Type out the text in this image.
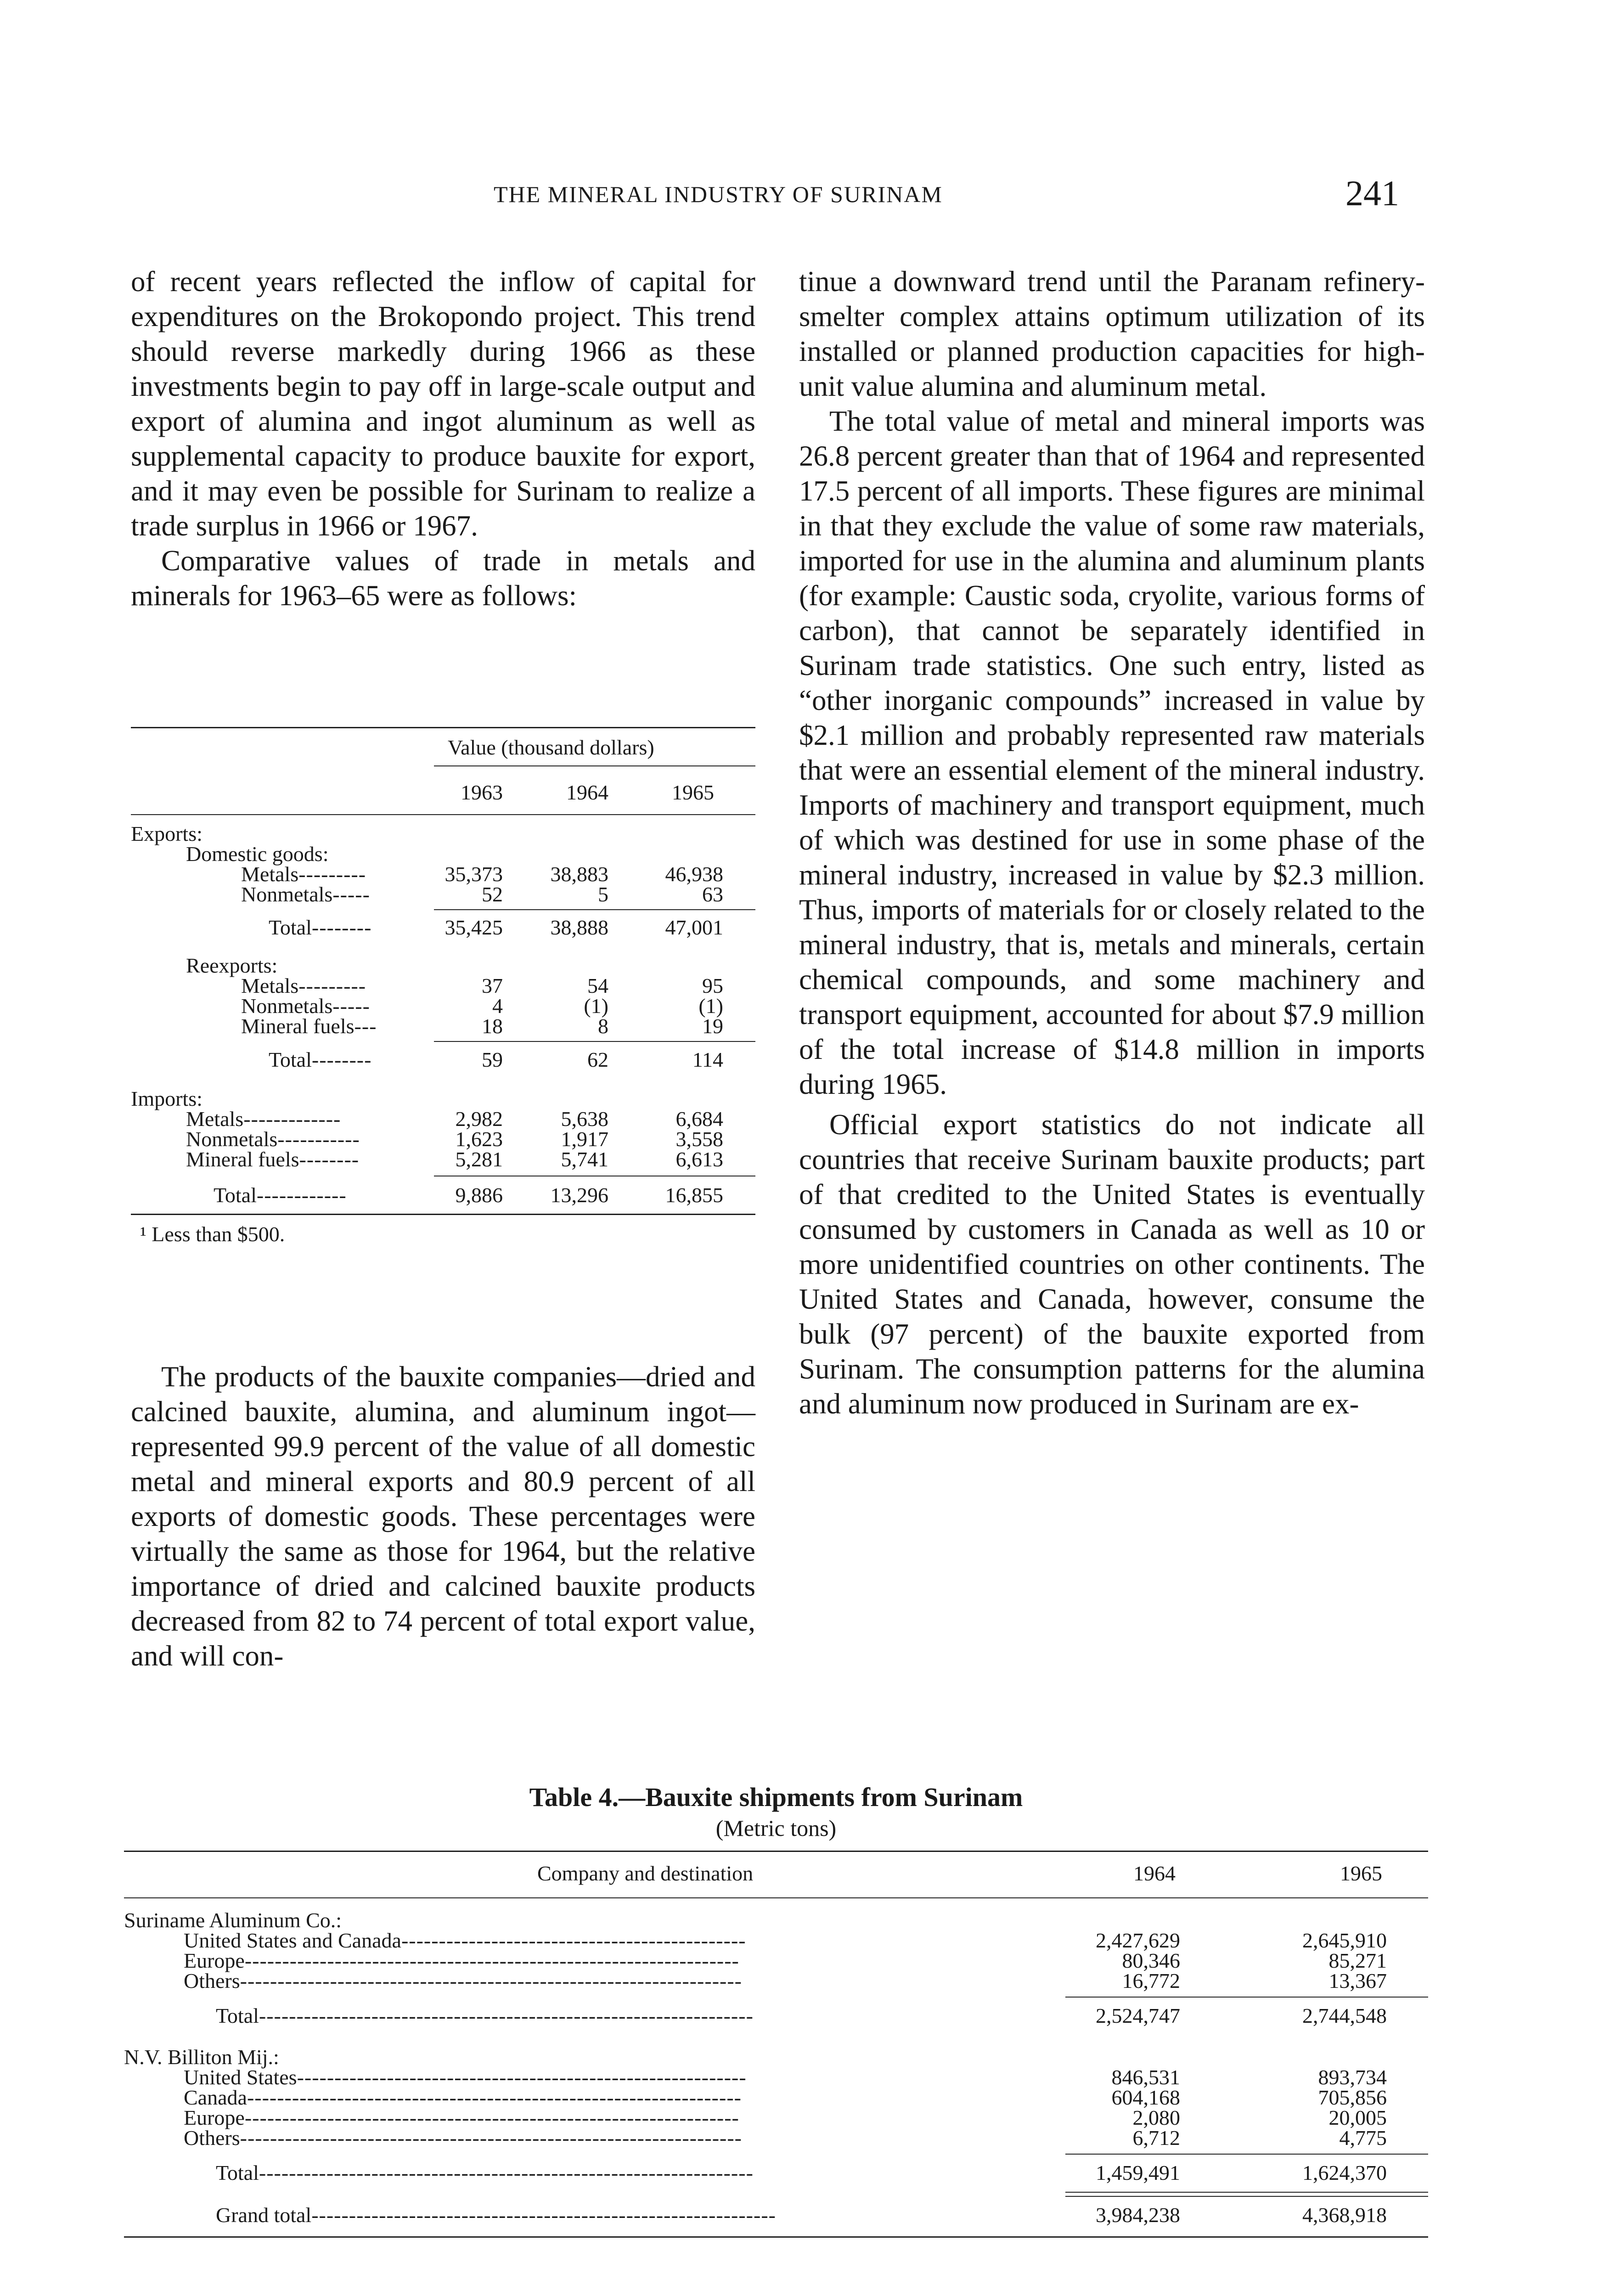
THE MINERAL INDUSTRY OF SURINAM	241

of recent years reflected the inflow of capital for expenditures on the Brokopondo project. This trend should reverse markedly during 1966 as these investments begin to pay off in large-scale output and export of alumina and ingot aluminum as well as supplemental capacity to produce bauxite for export, and it may even be possible for Surinam to realize a trade surplus in 1966 or 1967.

Comparative values of trade in metals and minerals for 1963–65 were as follows:

Value (thousand dollars)
1963	1964	1965
Exports:
Domestic goods:
Metals---------	35,373	38,883	46,938
Nonmetals-----	52	5	63
Total--------	35,425	38,888	47,001
Reexports:
Metals---------	37	54	95
Nonmetals-----	4	(1)	(1)
Mineral fuels---	18	8	19
Total--------	59	62	114
Imports:
Metals-------------	2,982	5,638	6,684
Nonmetals-----------	1,623	1,917	3,558
Mineral fuels--------	5,281	5,741	6,613
Total------------	9,886	13,296	16,855
¹ Less than $500.

The products of the bauxite companies—dried and calcined bauxite, alumina, and aluminum ingot—represented 99.9 percent of the value of all domestic metal and mineral exports and 80.9 percent of all exports of domestic goods. These percentages were virtually the same as those for 1964, but the relative importance of dried and calcined bauxite products decreased from 82 to 74 percent of total export value, and will con-

tinue a downward trend until the Paranam refinery-smelter complex attains optimum utilization of its installed or planned production capacities for high-unit value alumina and aluminum metal.

The total value of metal and mineral imports was 26.8 percent greater than that of 1964 and represented 17.5 percent of all imports. These figures are minimal in that they exclude the value of some raw materials, imported for use in the alumina and aluminum plants (for example: Caustic soda, cryolite, various forms of carbon), that cannot be separately identified in Surinam trade statistics. One such entry, listed as “other inorganic compounds” increased in value by $2.1 million and probably represented raw materials that were an essential element of the mineral industry. Imports of machinery and transport equipment, much of which was destined for use in some phase of the mineral industry, increased in value by $2.3 million. Thus, imports of materials for or closely related to the mineral industry, that is, metals and minerals, certain chemical compounds, and some machinery and transport equipment, accounted for about $7.9 million of the total increase of $14.8 million in imports during 1965.

Official export statistics do not indicate all countries that receive Surinam bauxite products; part of that credited to the United States is eventually consumed by customers in Canada as well as 10 or more unidentified countries on other continents. The United States and Canada, however, consume the bulk (97 percent) of the bauxite exported from Surinam. The consumption patterns for the alumina and aluminum now produced in Surinam are ex-

Table 4.—Bauxite shipments from Surinam
(Metric tons)
Company and destination	1964	1965
Suriname Aluminum Co.:
United States and Canada----------------------------------------------	2,427,629	2,645,910
Europe------------------------------------------------------------------	80,346	85,271
Others-------------------------------------------------------------------	16,772	13,367
Total------------------------------------------------------------------	2,524,747	2,744,548
N.V. Billiton Mij.:
United States------------------------------------------------------------	846,531	893,734
Canada------------------------------------------------------------------	604,168	705,856
Europe------------------------------------------------------------------	2,080	20,005
Others-------------------------------------------------------------------	6,712	4,775
Total------------------------------------------------------------------	1,459,491	1,624,370
Grand total--------------------------------------------------------------	3,984,238	4,368,918
